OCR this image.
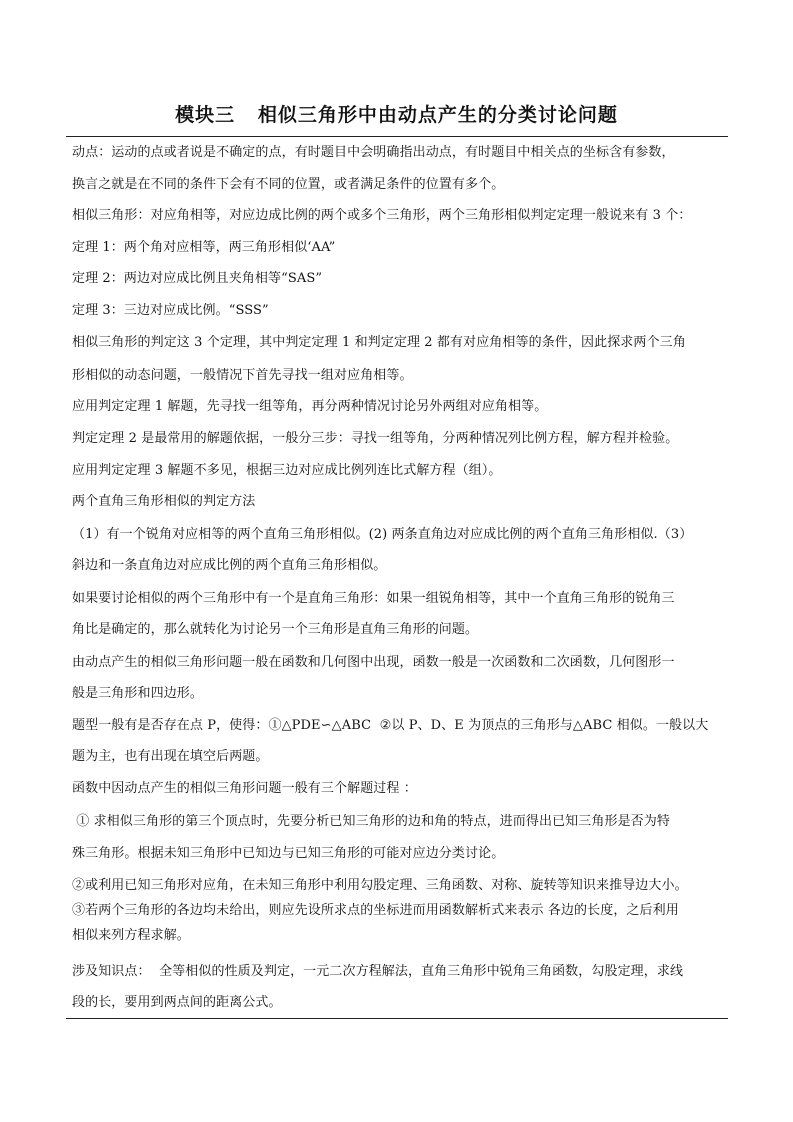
模块三   相似三角形中由动点产生的分类讨论问题
动点：运动的点或者说是不确定的点，有时题目中会明确指出动点，有时题目中相关点的坐标含有参数，
换言之就是在不同的条件下会有不同的位置，或者满足条件的位置有多个。
相似三角形：对应角相等，对应边成比例的两个或多个三角形，两个三角形相似判定定理一般说来有 3 个：
定理 1：两个角对应相等，两三角形相似‘AA”
定理 2：两边对应成比例且夹角相等“SAS”
定理 3：三边对应成比例。“SSS”
相似三角形的判定这 3 个定理，其中判定定理 1 和判定定理 2 都有对应角相等的条件，因此探求两个三角
形相似的动态问题，一般情况下首先寻找一组对应角相等。
应用判定定理 1 解题，先寻找一组等角，再分两种情况讨论另外两组对应角相等。
判定定理 2 是最常用的解题依据，一般分三步：寻找一组等角，分两种情况列比例方程，解方程并检验。
应用判定定理 3 解题不多见，根据三边对应成比例列连比式解方程（组）。
两个直角三角形相似的判定方法
（1）有一个锐角对应相等的两个直角三角形相似。(2) 两条直角边对应成比例的两个直角三角形相似.（3）
斜边和一条直角边对应成比例的两个直角三角形相似。
如果要讨论相似的两个三角形中有一个是直角三角形：如果一组锐角相等，其中一个直角三角形的锐角三
角比是确定的，那么就转化为讨论另一个三角形是直角三角形的问题。
由动点产生的相似三角形问题一般在函数和几何图中出现，函数一般是一次函数和二次函数，几何图形一
般是三角形和四边形。
题型一般有是否存在点 P，使得：①△PDE∽△ABC  ②以 P、D、E 为顶点的三角形与△ABC 相似。一般以大
题为主，也有出现在填空后两题。
函数中因动点产生的相似三角形问题一般有三个解题过程 ：
① 求相似三角形的第三个顶点时，先要分析已知三角形的边和角的特点，进而得出已知三角形是否为特
殊三角形。根据未知三角形中已知边与已知三角形的可能对应边分类讨论。
②或利用已知三角形对应角，在未知三角形中利用勾股定理、三角函数、对称、旋转等知识来推导边大小。
③若两个三角形的各边均未给出，则应先设所求点的坐标进而用函数解析式来表示 各边的长度，之后利用
相似来列方程求解。
涉及知识点：  全等相似的性质及判定，一元二次方程解法，直角三角形中锐角三角函数，勾股定理，求线
段的长，要用到两点间的距离公式。
